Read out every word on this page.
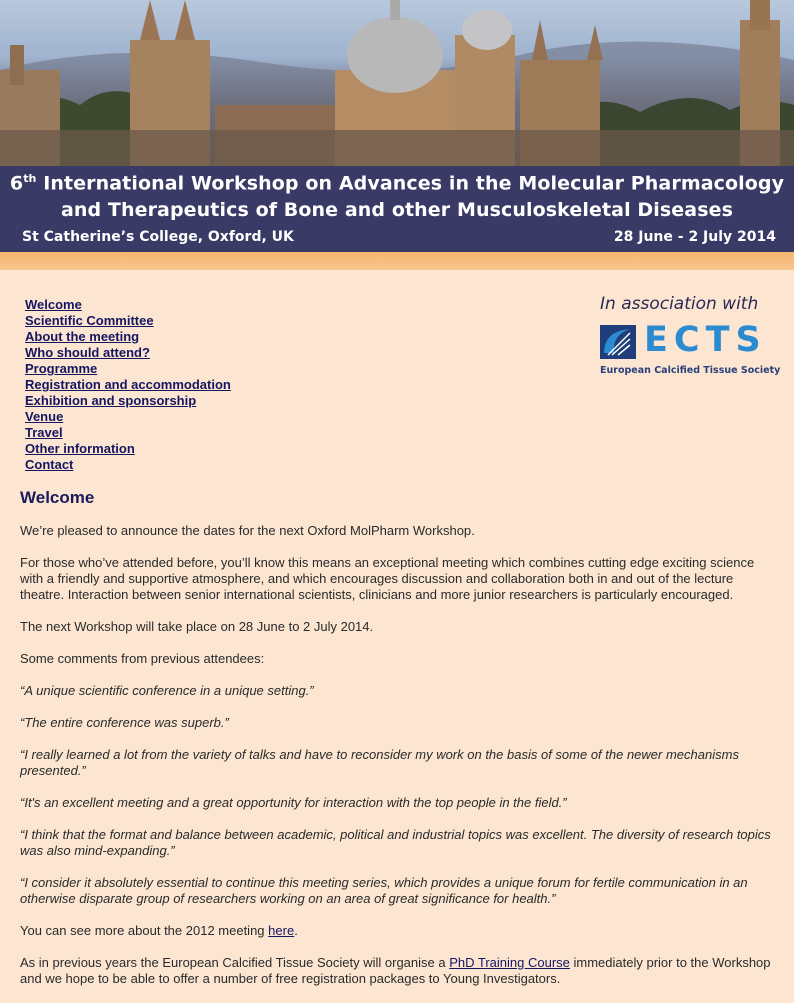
6th International Workshop on Advances in the Molecular Pharmacology
and Therapeutics of Bone and other Musculoskeletal Diseases
St Catherine’s College, Oxford, UK	28 June - 2 July 2014
Welcome
Scientific Committee
About the meeting
Who should attend?
Programme
Registration and accommodation
Exhibition and sponsorship
Venue
Travel
Other information
Contact
In association with
ECTS
European Calcified Tissue Society
Welcome

We’re pleased to announce the dates for the next Oxford MolPharm Workshop.

For those who’ve attended before, you’ll know this means an exceptional meeting which combines cutting edge exciting science with a friendly and supportive atmosphere, and which encourages discussion and collaboration both in and out of the lecture theatre. Interaction between senior international scientists, clinicians and more junior researchers is particularly encouraged.

The next Workshop will take place on 28 June to 2 July 2014.

Some comments from previous attendees:

“A unique scientific conference in a unique setting.”

“The entire conference was superb.”

“I really learned a lot from the variety of talks and have to reconsider my work on the basis of some of the newer mechanisms presented.”

“It's an excellent meeting and a great opportunity for interaction with the top people in the field.”

“I think that the format and balance between academic, political and industrial topics was excellent. The diversity of research topics was also mind-expanding.”

“I consider it absolutely essential to continue this meeting series, which provides a unique forum for fertile communication in an otherwise disparate group of researchers working on an area of great significance for health.”

You can see more about the 2012 meeting here.

As in previous years the European Calcified Tissue Society will organise a PhD Training Course immediately prior to the Workshop and we hope to be able to offer a number of free registration packages to Young Investigators.
